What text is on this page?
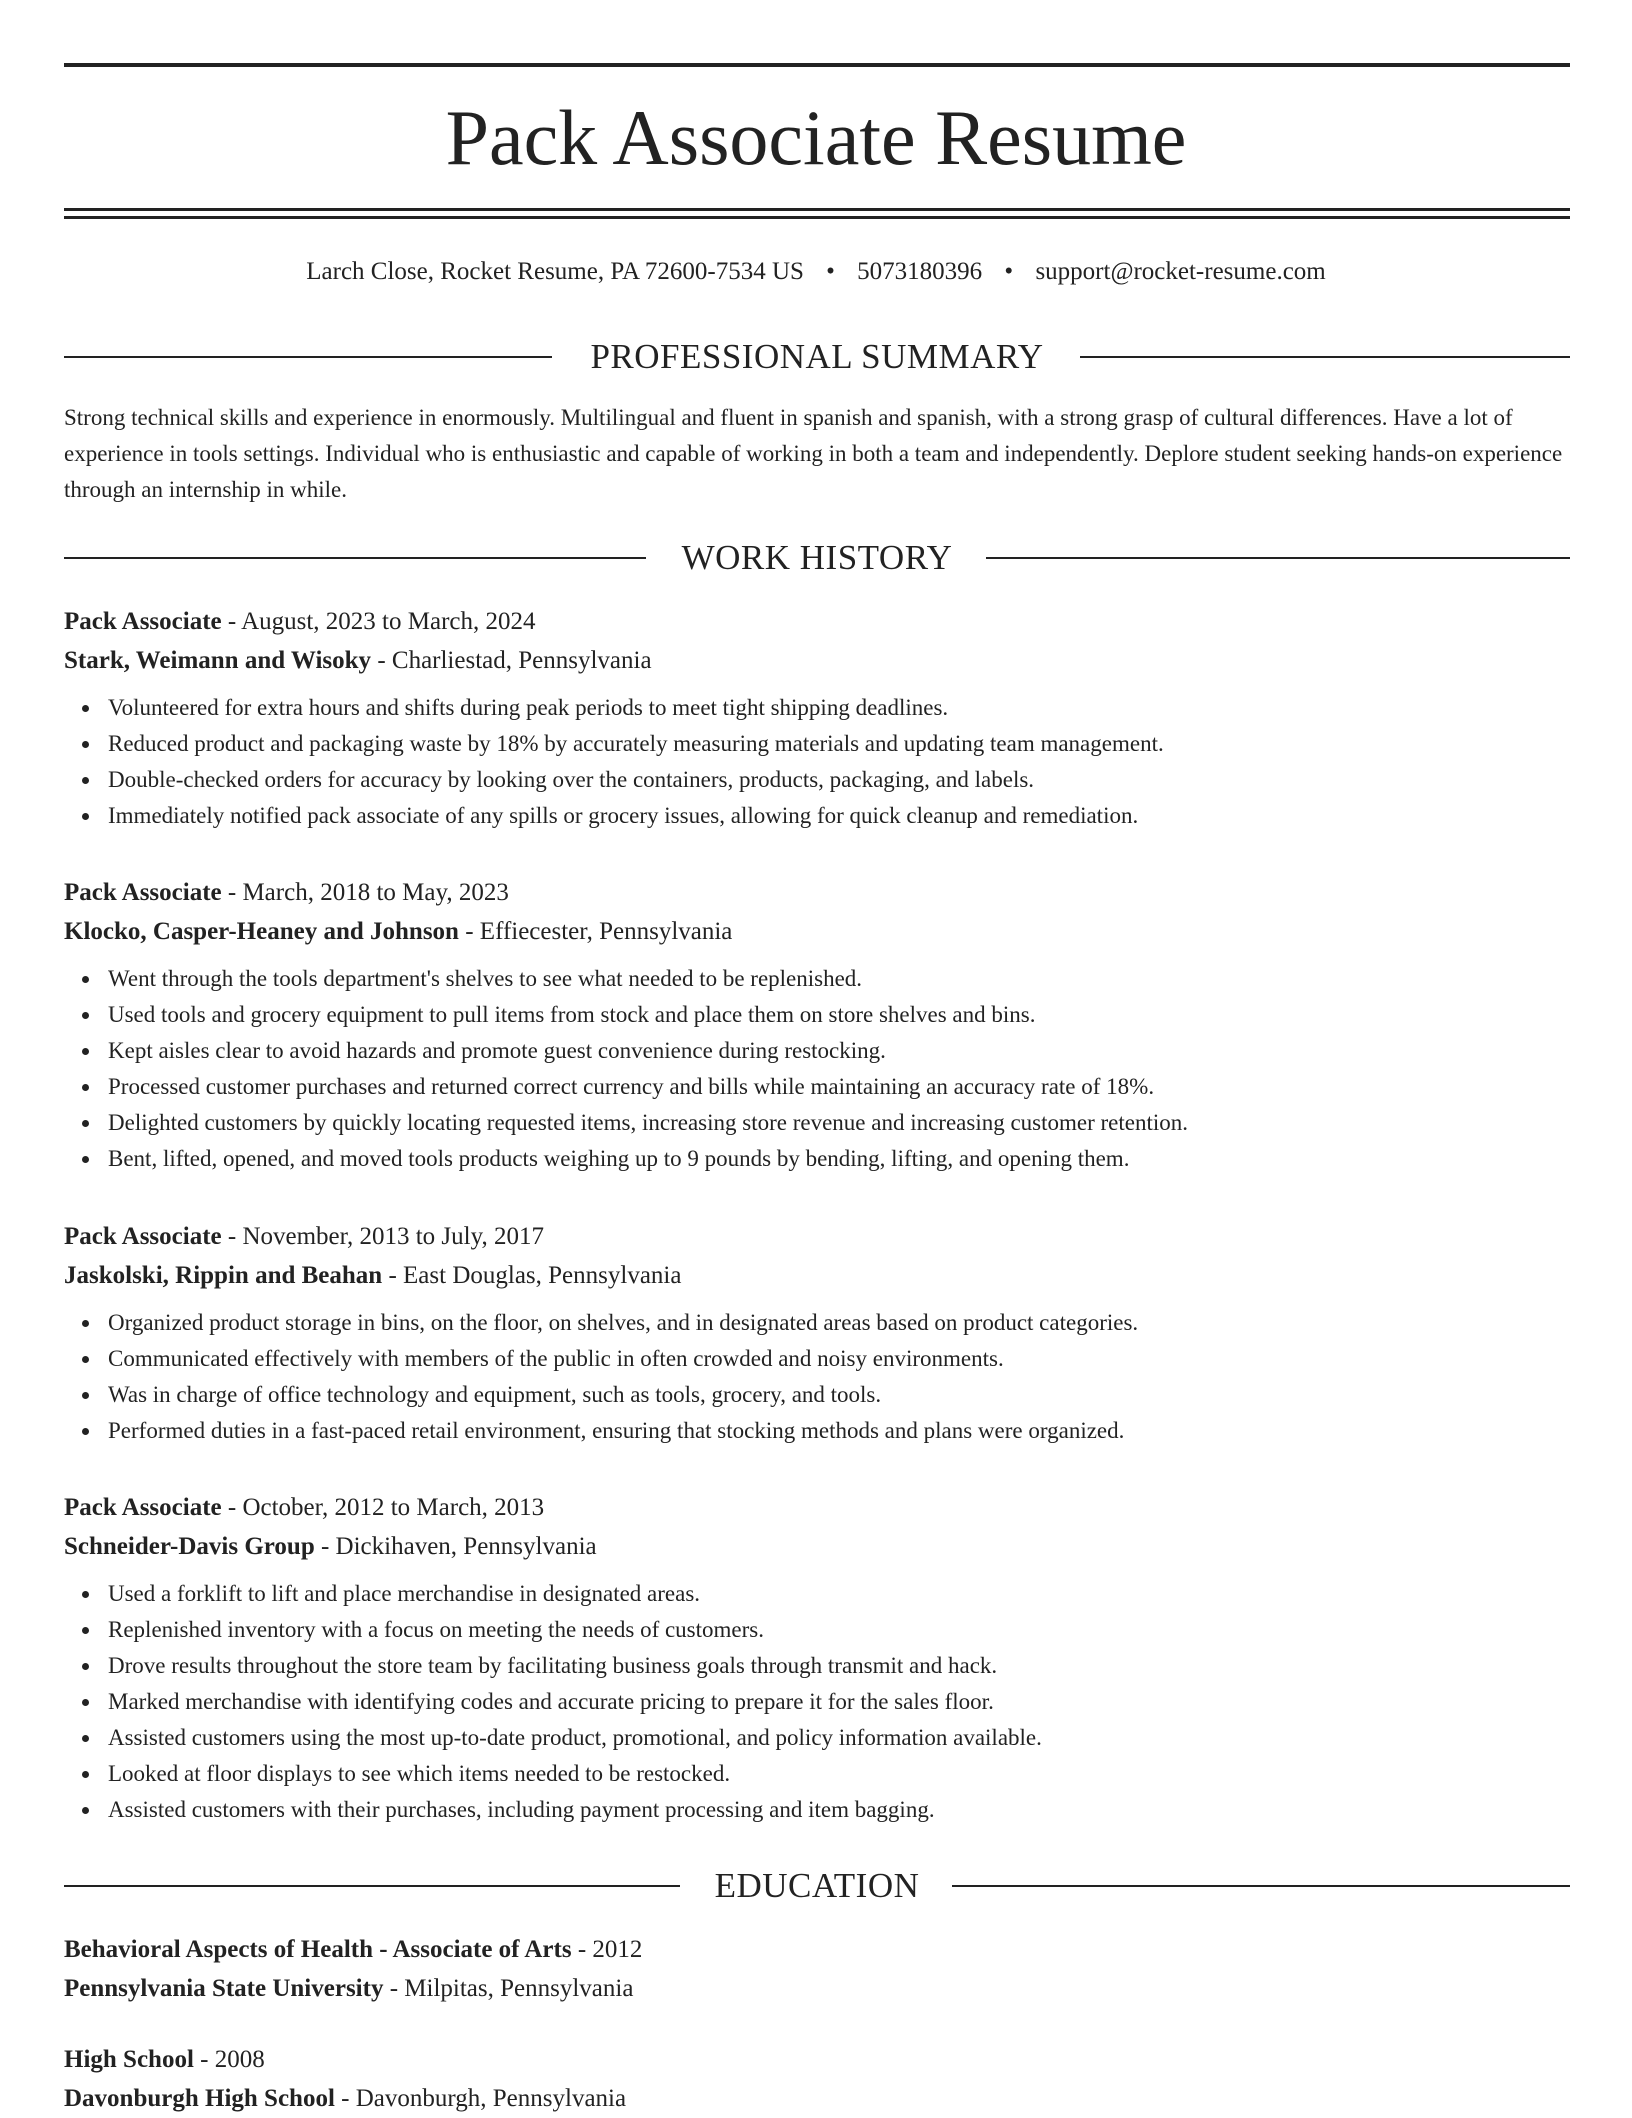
Pack Associate Resume
Larch Close, Rocket Resume, PA 72600-7534 US • 5073180396 • support@rocket-resume.com
PROFESSIONAL SUMMARY

Strong technical skills and experience in enormously. Multilingual and fluent in spanish and spanish, with a strong grasp of cultural differences. Have a lot of experience in tools settings. Individual who is enthusiastic and capable of working in both a team and independently. Deplore student seeking hands-on experience through an internship in while.

WORK HISTORY
Pack Associate - August, 2023 to March, 2024
Stark, Weimann and Wisoky - Charliestad, Pennsylvania
Volunteered for extra hours and shifts during peak periods to meet tight shipping deadlines.
Reduced product and packaging waste by 18% by accurately measuring materials and updating team management.
Double-checked orders for accuracy by looking over the containers, products, packaging, and labels.
Immediately notified pack associate of any spills or grocery issues, allowing for quick cleanup and remediation.
Pack Associate - March, 2018 to May, 2023
Klocko, Casper-Heaney and Johnson - Effiecester, Pennsylvania
Went through the tools department's shelves to see what needed to be replenished.
Used tools and grocery equipment to pull items from stock and place them on store shelves and bins.
Kept aisles clear to avoid hazards and promote guest convenience during restocking.
Processed customer purchases and returned correct currency and bills while maintaining an accuracy rate of 18%.
Delighted customers by quickly locating requested items, increasing store revenue and increasing customer retention.
Bent, lifted, opened, and moved tools products weighing up to 9 pounds by bending, lifting, and opening them.
Pack Associate - November, 2013 to July, 2017
Jaskolski, Rippin and Beahan - East Douglas, Pennsylvania
Organized product storage in bins, on the floor, on shelves, and in designated areas based on product categories.
Communicated effectively with members of the public in often crowded and noisy environments.
Was in charge of office technology and equipment, such as tools, grocery, and tools.
Performed duties in a fast-paced retail environment, ensuring that stocking methods and plans were organized.
Pack Associate - October, 2012 to March, 2013
Schneider-Davis Group - Dickihaven, Pennsylvania
Used a forklift to lift and place merchandise in designated areas.
Replenished inventory with a focus on meeting the needs of customers.
Drove results throughout the store team by facilitating business goals through transmit and hack.
Marked merchandise with identifying codes and accurate pricing to prepare it for the sales floor.
Assisted customers using the most up-to-date product, promotional, and policy information available.
Looked at floor displays to see which items needed to be restocked.
Assisted customers with their purchases, including payment processing and item bagging.
EDUCATION
Behavioral Aspects of Health - Associate of Arts - 2012
Pennsylvania State University - Milpitas, Pennsylvania
High School - 2008
Davonburgh High School - Davonburgh, Pennsylvania
